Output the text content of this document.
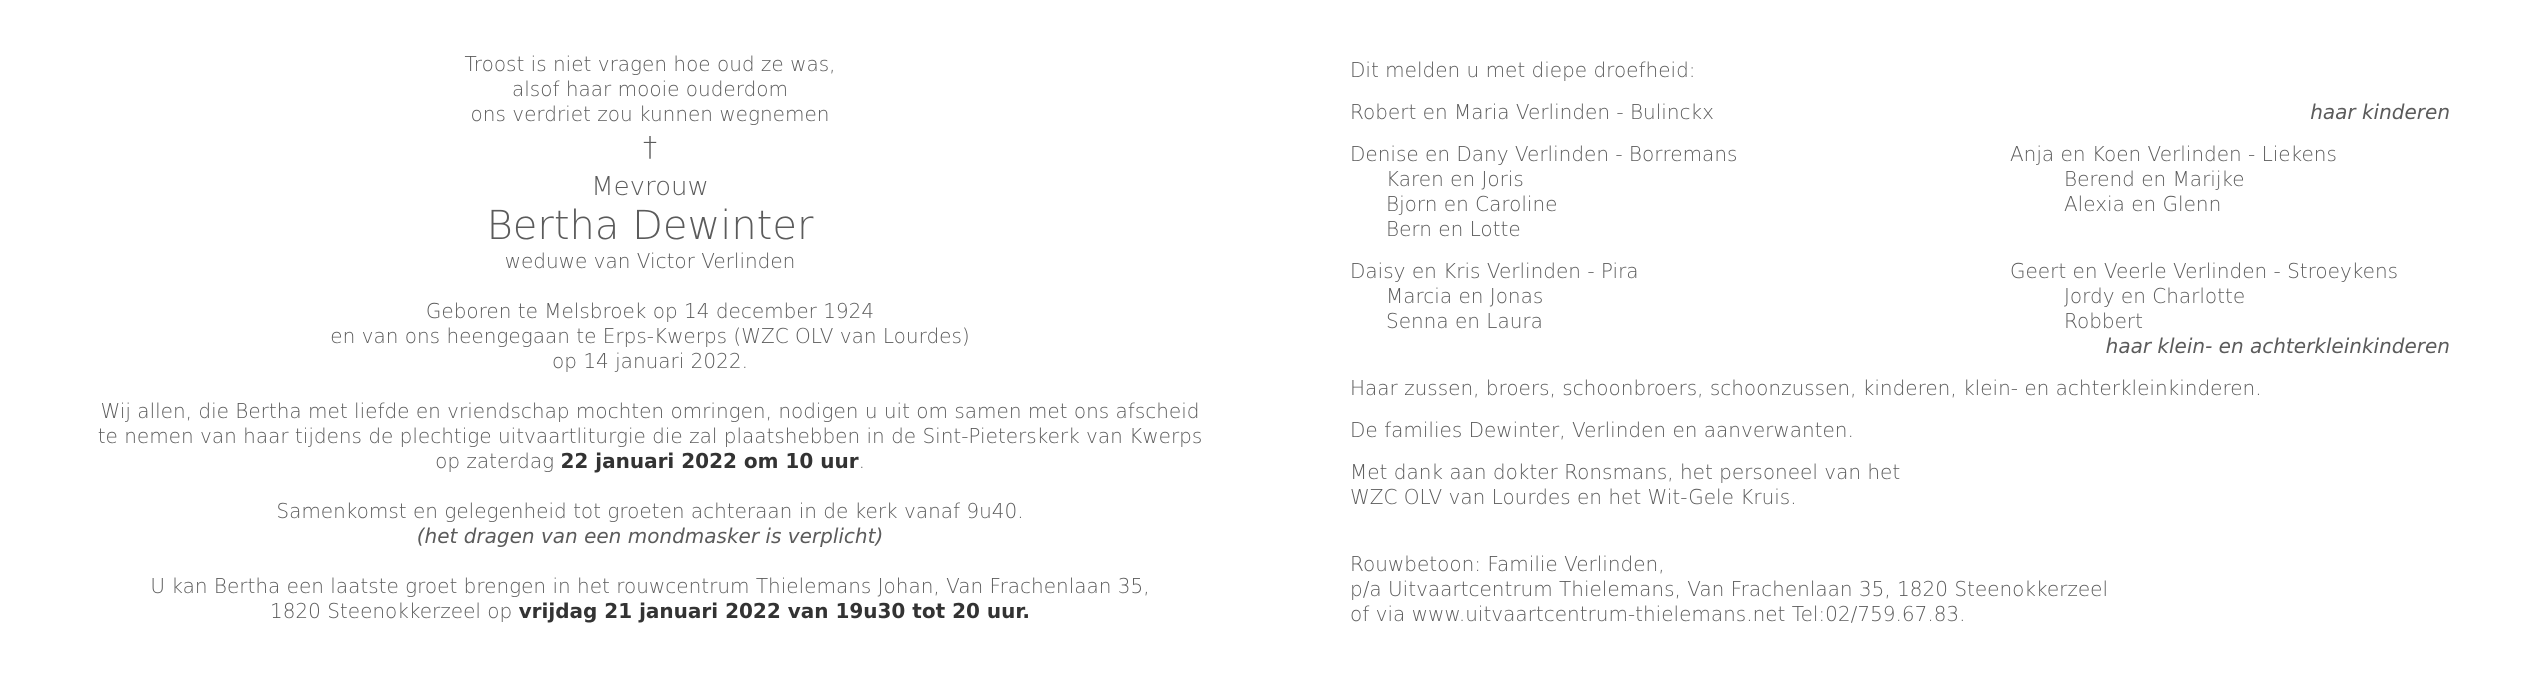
Troost is niet vragen hoe oud ze was,
alsof haar mooie ouderdom
ons verdriet zou kunnen wegnemen
†
Mevrouw
Bertha Dewinter
weduwe van Victor Verlinden
Geboren te Melsbroek op 14 december 1924
en van ons heengegaan te Erps-Kwerps (WZC OLV van Lourdes)
op 14 januari 2022.
Wij allen, die Bertha met liefde en vriendschap mochten omringen, nodigen u uit om samen met ons afscheid
te nemen van haar tijdens de plechtige uitvaartliturgie die zal plaatshebben in de Sint-Pieterskerk van Kwerps
op zaterdag 22 januari 2022 om 10 uur.
Samenkomst en gelegenheid tot groeten achteraan in de kerk vanaf 9u40.
(het dragen van een mondmasker is verplicht)
U kan Bertha een laatste groet brengen in het rouwcentrum Thielemans Johan, Van Frachenlaan 35,
1820 Steenokkerzeel op vrijdag 21 januari 2022 van 19u30 tot 20 uur.
Dit melden u met diepe droefheid:
Robert en Maria Verlinden - Bulinckx	haar kinderen
Denise en Dany Verlinden - Borremans
Karen en Joris
Bjorn en Caroline
Bern en Lotte
Anja en Koen Verlinden - Liekens
Berend en Marijke
Alexia en Glenn
Daisy en Kris Verlinden - Pira
Marcia en Jonas
Senna en Laura
Geert en Veerle Verlinden - Stroeykens
Jordy en Charlotte
Robbert
haar klein- en achterkleinkinderen

Haar zussen, broers, schoonbroers, schoonzussen, kinderen, klein- en achterkleinkinderen.
De families Dewinter, Verlinden en aanverwanten.
Met dank aan dokter Ronsmans, het personeel van het
WZC OLV van Lourdes en het Wit-Gele Kruis.
Rouwbetoon: Familie Verlinden,
p/a Uitvaartcentrum Thielemans, Van Frachenlaan 35, 1820 Steenokkerzeel
of via www.uitvaartcentrum-thielemans.net Tel:02/759.67.83.
